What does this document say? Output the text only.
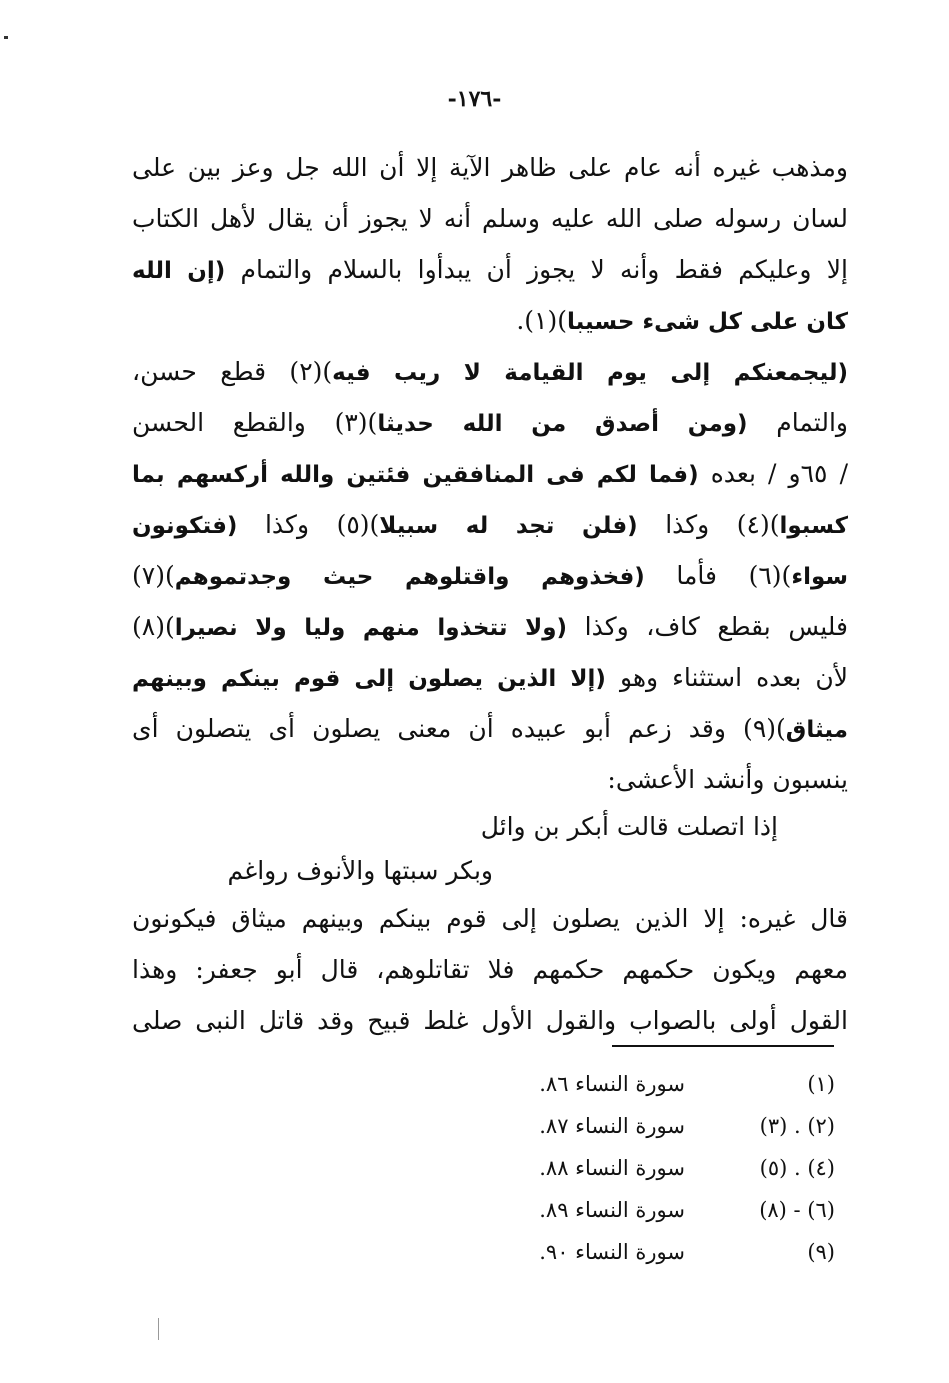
-١٧٦-
ومذهب غيره أنه عام على ظاهر الآية إلا أن الله جل وعز بين على
لسان رسوله صلى الله عليه وسلم أنه لا يجوز أن يقال لأهل الكتاب
إلا وعليكم فقط وأنه لا يجوز أن يبدأوا بالسلام والتمام (إن الله
كان على كل شىء حسيبا)(١).
(ليجمعنكم إلى يوم القيامة لا ريب فيه)(٢) قطع حسن،
والتمام (ومن أصدق من الله حديثا)(٣) والقطع الحسن
/ ٦٥و / بعده (فما لكم فى المنافقين فئتين والله أركسهم بما
كسبوا)(٤) وكذا (فلن تجد له سبيلا)(٥) وكذا (فتكونون
سواء)(٦) فأما (فخذوهم واقتلوهم حيث وجدتموهم)(٧)
فليس بقطع كاف، وكذا (ولا تتخذوا منهم وليا ولا نصيرا)(٨)
لأن بعده استثناء وهو (إلا الذين يصلون إلى قوم بينكم وبينهم
ميثاق)(٩) وقد زعم أبو عبيده أن معنى يصلون أى يتصلون أى
ينسبون وأنشد الأعشى:
إذا اتصلت قالت أبكر بن وائل
وبكر سبتها والأنوف رواغم
قال غيره: إلا الذين يصلون إلى قوم بينكم وبينهم ميثاق فيكونون
معهم ويكون حكمهم حكمهم فلا تقاتلوهم، قال أبو جعفر: وهذا
القول أولى بالصواب والقول الأول غلط قبيح وقد قاتل النبى صلى
(١)
سورة النساء ٨٦.
(٢) . (٣)
سورة النساء ٨٧.
(٤) . (٥)
سورة النساء ٨٨.
(٦) - (٨)
سورة النساء ٨٩.
(٩)
سورة النساء ٩٠.
